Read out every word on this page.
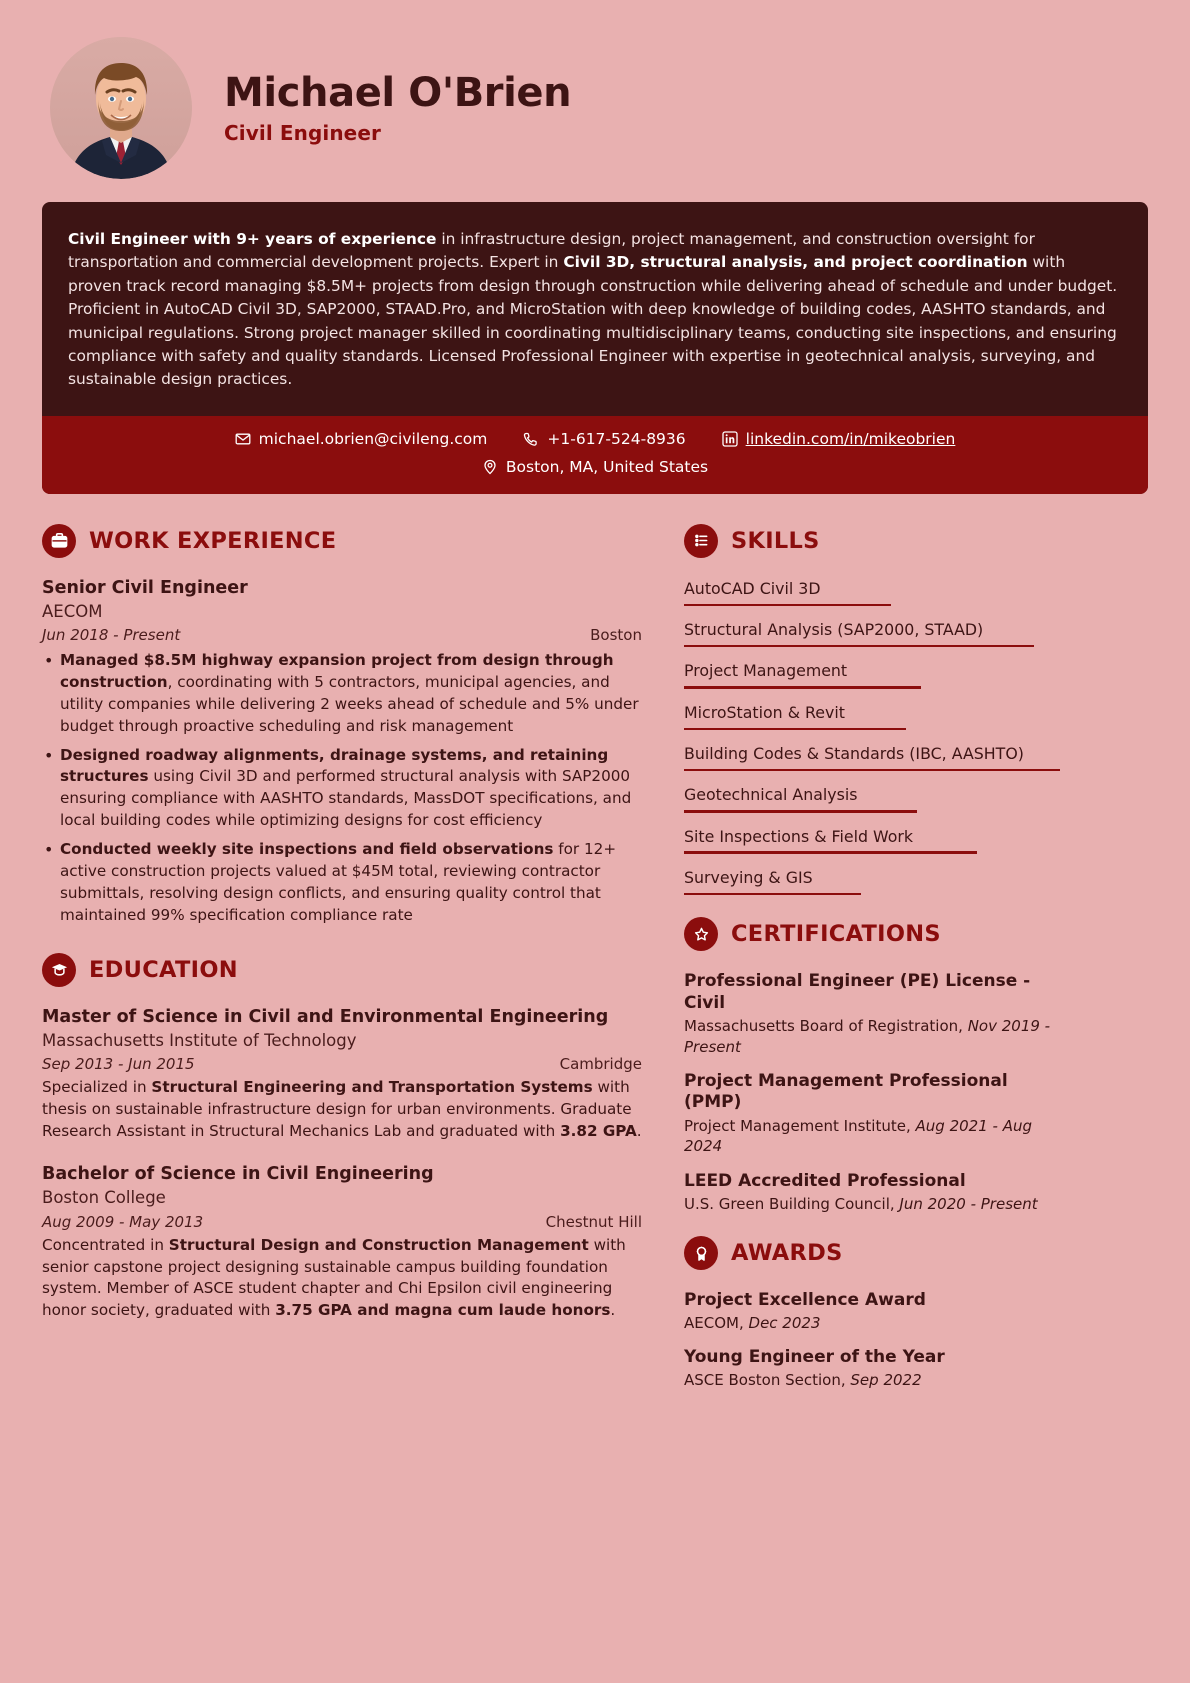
Michael O'Brien
Civil Engineer
Civil Engineer with 9+ years of experience in infrastructure design, project management, and construction oversight for transportation and commercial development projects. Expert in Civil 3D, structural analysis, and project coordination with proven track record managing $8.5M+ projects from design through construction while delivering ahead of schedule and under budget. Proficient in AutoCAD Civil 3D, SAP2000, STAAD.Pro, and MicroStation with deep knowledge of building codes, AASHTO standards, and municipal regulations. Strong project manager skilled in coordinating multidisciplinary teams, conducting site inspections, and ensuring compliance with safety and quality standards. Licensed Professional Engineer with expertise in geotechnical analysis, surveying, and sustainable design practices.
michael.obrien@civileng.com	+1-617-524-8936	linkedin.com/in/mikeobrien
Boston, MA, United States
WORK EXPERIENCE
Senior Civil Engineer
AECOM
Jun 2018 - Present	Boston
• Managed $8.5M highway expansion project from design through construction, coordinating with 5 contractors, municipal agencies, and utility companies while delivering 2 weeks ahead of schedule and 5% under budget through proactive scheduling and risk management
• Designed roadway alignments, drainage systems, and retaining structures using Civil 3D and performed structural analysis with SAP2000 ensuring compliance with AASHTO standards, MassDOT specifications, and local building codes while optimizing designs for cost efficiency
• Conducted weekly site inspections and field observations for 12+ active construction projects valued at $45M total, reviewing contractor submittals, resolving design conflicts, and ensuring quality control that maintained 99% specification compliance rate
EDUCATION
Master of Science in Civil and Environmental Engineering
Massachusetts Institute of Technology
Sep 2013 - Jun 2015	Cambridge
Specialized in Structural Engineering and Transportation Systems with thesis on sustainable infrastructure design for urban environments. Graduate Research Assistant in Structural Mechanics Lab and graduated with 3.82 GPA.
Bachelor of Science in Civil Engineering
Boston College
Aug 2009 - May 2013	Chestnut Hill
Concentrated in Structural Design and Construction Management with senior capstone project designing sustainable campus building foundation system. Member of ASCE student chapter and Chi Epsilon civil engineering honor society, graduated with 3.75 GPA and magna cum laude honors.
SKILLS
AutoCAD Civil 3D
Structural Analysis (SAP2000, STAAD)
Project Management
MicroStation & Revit
Building Codes & Standards (IBC, AASHTO)
Geotechnical Analysis
Site Inspections & Field Work
Surveying & GIS
CERTIFICATIONS
Professional Engineer (PE) License - Civil
Massachusetts Board of Registration, Nov 2019 - Present
Project Management Professional (PMP)
Project Management Institute, Aug 2021 - Aug 2024
LEED Accredited Professional
U.S. Green Building Council, Jun 2020 - Present
AWARDS
Project Excellence Award
AECOM, Dec 2023
Young Engineer of the Year
ASCE Boston Section, Sep 2022
